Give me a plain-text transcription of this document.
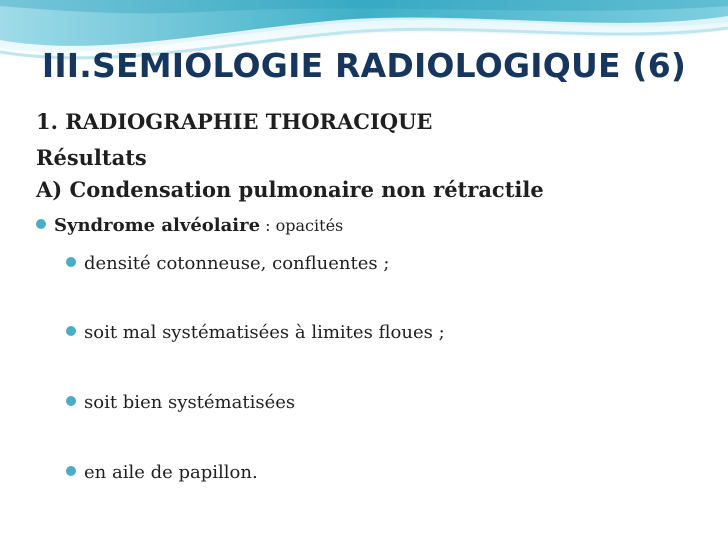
III.SEMIOLOGIE RADIOLOGIQUE (6)
1. RADIOGRAPHIE THORACIQUE
Résultats
A) Condensation pulmonaire non rétractile
Syndrome alvéolaire : opacités
densité cotonneuse, confluentes ;
soit mal systématisées à limites floues ;
soit bien systématisées
en aile de papillon.
